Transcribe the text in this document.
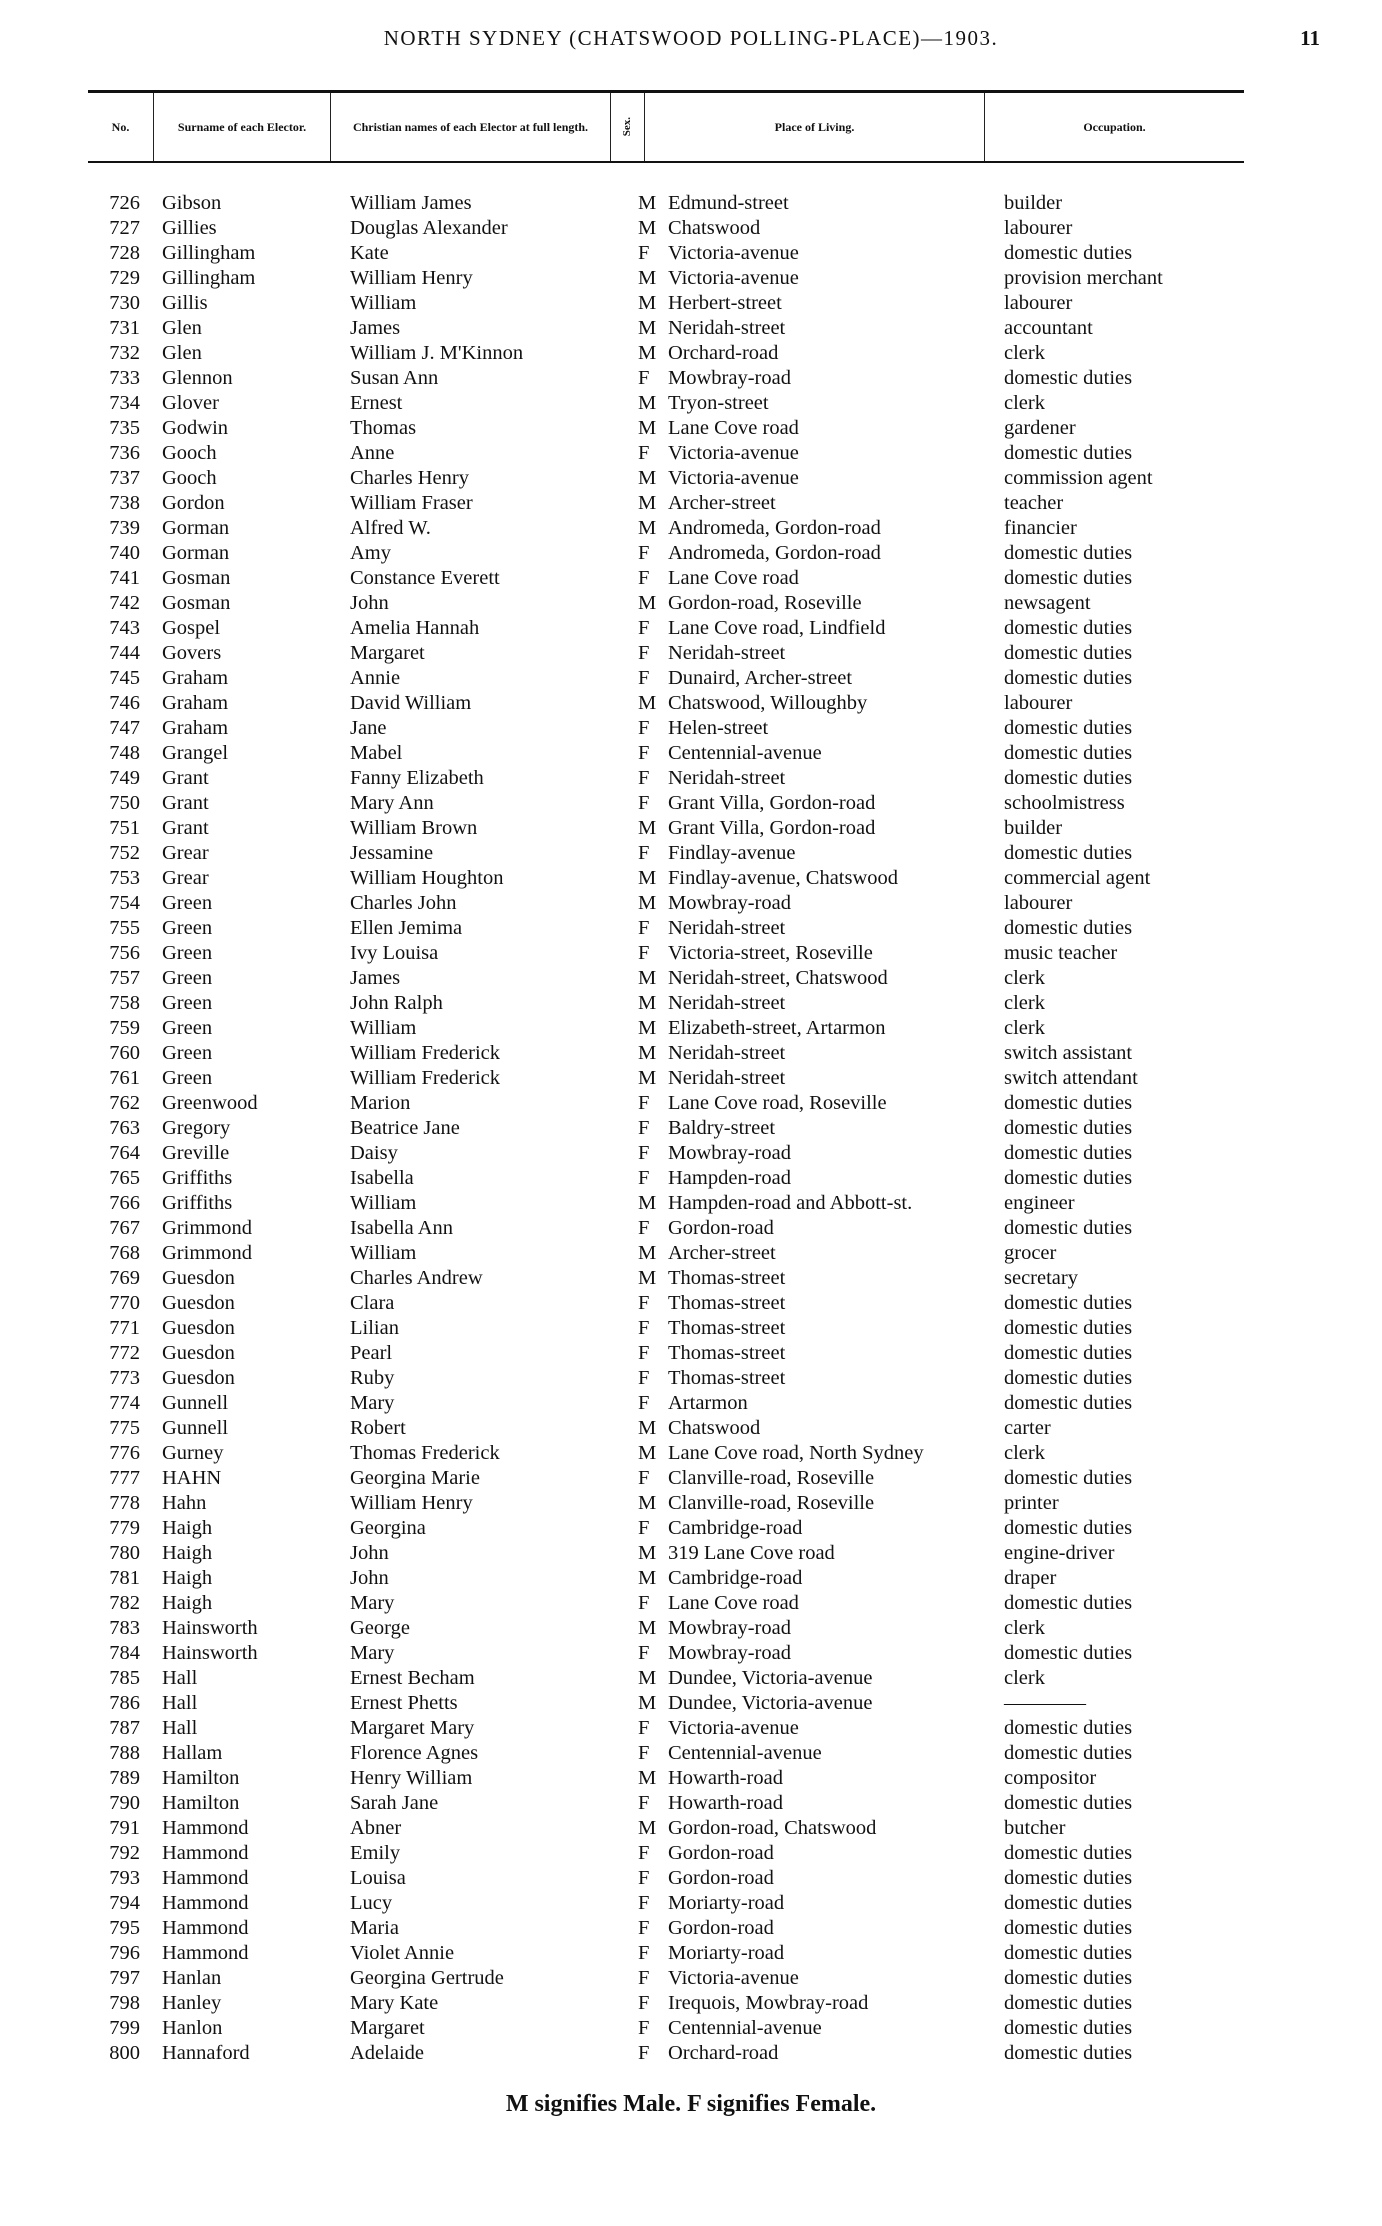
NORTH SYDNEY (CHATSWOOD POLLING-PLACE)—1903.	11
No.	Surname of each Elector.	Christian names of each Elector at full length.	Sex.	Place of Living.	Occupation.
726 Gibson	William James	M Edmund-street	builder
727 Gillies	Douglas Alexander	M Chatswood	labourer
728 Gillingham	Kate	F Victoria-avenue	domestic duties
729 Gillingham	William Henry	M Victoria-avenue	provision merchant
730 Gillis	William	M Herbert-street	labourer
731 Glen	James	M Neridah-street	accountant
732 Glen	William J. M'Kinnon	M Orchard-road	clerk
733 Glennon	Susan Ann	F Mowbray-road	domestic duties
734 Glover	Ernest	M Tryon-street	clerk
735 Godwin	Thomas	M Lane Cove road	gardener
736 Gooch	Anne	F Victoria-avenue	domestic duties
737 Gooch	Charles Henry	M Victoria-avenue	commission agent
738 Gordon	William Fraser	M Archer-street	teacher
739 Gorman	Alfred W.	M Andromeda, Gordon-road	financier
740 Gorman	Amy	F Andromeda, Gordon-road	domestic duties
741 Gosman	Constance Everett	F Lane Cove road	domestic duties
742 Gosman	John	M Gordon-road, Roseville	newsagent
743 Gospel	Amelia Hannah	F Lane Cove road, Lindfield	domestic duties
744 Govers	Margaret	F Neridah-street	domestic duties
745 Graham	Annie	F Dunaird, Archer-street	domestic duties
746 Graham	David William	M Chatswood, Willoughby	labourer
747 Graham	Jane	F Helen-street	domestic duties
748 Grangel	Mabel	F Centennial-avenue	domestic duties
749 Grant	Fanny Elizabeth	F Neridah-street	domestic duties
750 Grant	Mary Ann	F Grant Villa, Gordon-road	schoolmistress
751 Grant	William Brown	M Grant Villa, Gordon-road	builder
752 Grear	Jessamine	F Findlay-avenue	domestic duties
753 Grear	William Houghton	M Findlay-avenue, Chatswood	commercial agent
754 Green	Charles John	M Mowbray-road	labourer
755 Green	Ellen Jemima	F Neridah-street	domestic duties
756 Green	Ivy Louisa	F Victoria-street, Roseville	music teacher
757 Green	James	M Neridah-street, Chatswood	clerk
758 Green	John Ralph	M Neridah-street	clerk
759 Green	William	M Elizabeth-street, Artarmon	clerk
760 Green	William Frederick	M Neridah-street	switch assistant
761 Green	William Frederick	M Neridah-street	switch attendant
762 Greenwood	Marion	F Lane Cove road, Roseville	domestic duties
763 Gregory	Beatrice Jane	F Baldry-street	domestic duties
764 Greville	Daisy	F Mowbray-road	domestic duties
765 Griffiths	Isabella	F Hampden-road	domestic duties
766 Griffiths	William	M Hampden-road and Abbott-st.	engineer
767 Grimmond	Isabella Ann	F Gordon-road	domestic duties
768 Grimmond	William	M Archer-street	grocer
769 Guesdon	Charles Andrew	M Thomas-street	secretary
770 Guesdon	Clara	F Thomas-street	domestic duties
771 Guesdon	Lilian	F Thomas-street	domestic duties
772 Guesdon	Pearl	F Thomas-street	domestic duties
773 Guesdon	Ruby	F Thomas-street	domestic duties
774 Gunnell	Mary	F Artarmon	domestic duties
775 Gunnell	Robert	M Chatswood	carter
776 Gurney	Thomas Frederick	M Lane Cove road, North Sydney	clerk
777 HAHN	Georgina Marie	F Clanville-road, Roseville	domestic duties
778 Hahn	William Henry	M Clanville-road, Roseville	printer
779 Haigh	Georgina	F Cambridge-road	domestic duties
780 Haigh	John	M 319 Lane Cove road	engine-driver
781 Haigh	John	M Cambridge-road	draper
782 Haigh	Mary	F Lane Cove road	domestic duties
783 Hainsworth	George	M Mowbray-road	clerk
784 Hainsworth	Mary	F Mowbray-road	domestic duties
785 Hall	Ernest Becham	M Dundee, Victoria-avenue	clerk
786 Hall	Ernest Phetts	M Dundee, Victoria-avenue	————
787 Hall	Margaret Mary	F Victoria-avenue	domestic duties
788 Hallam	Florence Agnes	F Centennial-avenue	domestic duties
789 Hamilton	Henry William	M Howarth-road	compositor
790 Hamilton	Sarah Jane	F Howarth-road	domestic duties
791 Hammond	Abner	M Gordon-road, Chatswood	butcher
792 Hammond	Emily	F Gordon-road	domestic duties
793 Hammond	Louisa	F Gordon-road	domestic duties
794 Hammond	Lucy	F Moriarty-road	domestic duties
795 Hammond	Maria	F Gordon-road	domestic duties
796 Hammond	Violet Annie	F Moriarty-road	domestic duties
797 Hanlan	Georgina Gertrude	F Victoria-avenue	domestic duties
798 Hanley	Mary Kate	F Irequois, Mowbray-road	domestic duties
799 Hanlon	Margaret	F Centennial-avenue	domestic duties
800 Hannaford	Adelaide	F Orchard-road	domestic duties
M signifies Male. F signifies Female.
